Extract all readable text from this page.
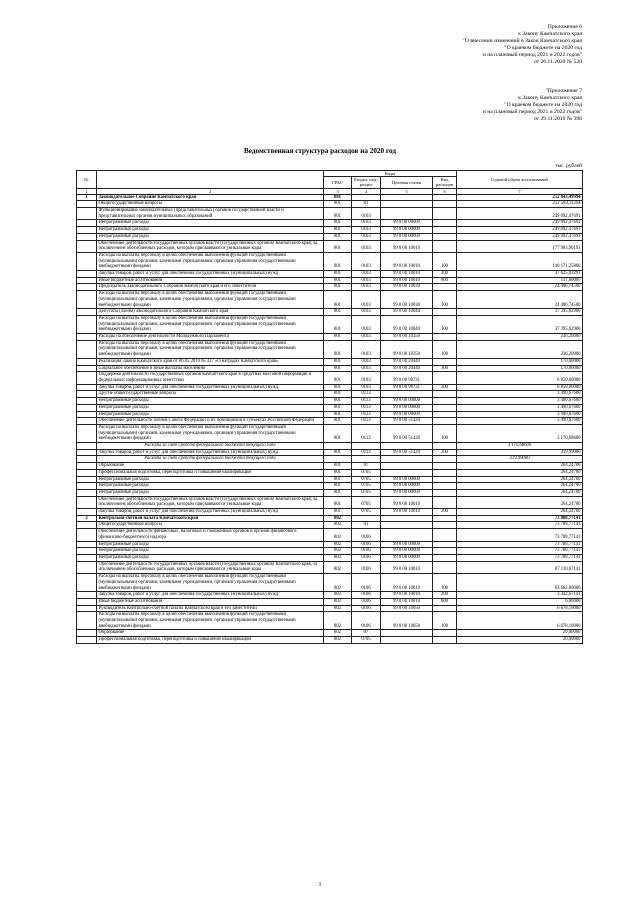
Приложение 6
к Закону Камчатского края
"О внесении изменений в Закон Камчатского края
"О краевом бюджете на 2020 год
и на плановый период 2021 и 2022 годов"
от 26.11.2020 № 520
"Приложение 7
к Закону Камчатского края
"О краевом бюджете на 2020 год
и на плановый период 2021 и 2022 годов"
от 29.11.2019 № 396
Ведомственная структура расходов на 2020 год
тыс. рублей
№		Коды				Годовой объем ассигнований
		ГРБС	Раздел, под-раздел	Целевая статья	Вид расходов	
1	2	3	4	5	6	7
1	Законодательное Собрание Камчатского края	801				252 843,49994
	Общегосударственные вопросы	801	01			252 583,11294
	Функционирование законодательных (представительных) органов государственной власти и представительных органов муниципальных образований	801	0103			249 092,47691
	Непрограммные расходы	801	0103	99 0 00 00000		249 092,47691
	Непрограммные расходы	801	0103	99 0 00 00000		249 092,47691
	Непрограммные расходы	801	0103	99 0 00 00000		249 092,47691
	Обеспечение деятельности государственных органов власти (государственных органов) Камчатского края, за исключением обособленных расходов, которым присваиваются уникальные коды	801	0103	99 0 00 10010		177 983,90191
	Расходы на выплаты персоналу в целях обеспечения выполнения функций государственными (муниципальными) органами, казенными учреждениями, органами управления государственными внебюджетными фондами	801	0103	99 0 00 10010	100	140 171,25800
	Закупка товаров, работ и услуг для обеспечения государственных (муниципальных) нужд	801	0103	99 0 00 10010	200	37 625,03291
	Иные бюджетные ассигнования	801	0103	99 0 00 10010	800	117,60000
	Председатель Законодательного Собрания Камчатского края и его заместители	801	0103	99 0 00 10030		24 486,74500
	Расходы на выплаты персоналу в целях обеспечения выполнения функций государственными (муниципальными) органами, казенными учреждениями, органами управления государственными внебюджетными фондами	801	0103	99 0 00 10030	100	24 486,74500
	Депутаты (члены) Законодательного Собрания Камчатского края	801	0103	99 0 00 10040		37 395,62900
	Расходы на выплаты персоналу в целях обеспечения выполнения функций государственными (муниципальными) органами, казенными учреждениями, органами управления государственными внебюджетными фондами	801	0103	99 0 00 10040	100	37 395,62900
	Расходы на обеспечение деятельности Молодежного Парламента	801	0103	99 0 00 10350		236,20000
	Расходы на выплаты персоналу в целях обеспечения выполнения функций государственными (муниципальными) органами, казенными учреждениями, органами управления государственными внебюджетными фондами	801	0103	99 0 00 10350	100	236,20000
	Реализация Закона Камчатского края от 06.05.2019 № 327 «О наградах Камчатского края»	801	0103	99 0 00 20440		170,00000
	Социальное обеспечение и иные выплаты населению	801	0103	99 0 00 20440	300	170,00000
	Поддержка деятельности государственных органов Камчатского края в средствах массовой информации и федеральных информационных агентствах	801	0103	99 0 00 98731		6 850,00000
	Закупка товаров, работ и услуг для обеспечения государственных (муниципальных) нужд	801	0103	99 0 00 98731	200	6 850,00000
	Другие общегосударственные вопросы	801	0113			3 490,67600
	Непрограммные расходы	801	0113	99 0 00 00000		3 490,67600
	Непрограммные расходы	801	0113	99 0 00 00000		3 490,67600
	Непрограммные расходы	801	0113	99 0 00 00000		3 490,67600
	Обеспечение деятельности членов Совета Федерации и их помощников в субъектах Российской Федерации	801	0113	99 0 00 51420		3 490,67600
	Расходы на выплаты персоналу в целях обеспечения выполнения функций государственными (муниципальными) органами, казенными учреждениями, органами управления государственными внебюджетными фондами	801	0113	99 0 00 51420	100	3 170,68600
	Расходы за счет средств федерального бюджета текущего года					3 170,68600
	Закупка товаров, работ и услуг для обеспечения государственных (муниципальных) нужд	801	0113	99 0 00 51420	200	319,99000
	Расходы за счет средств федерального бюджета текущего года					319,99000
	Образование	801	07			264,24700
	Профессиональная подготовка, переподготовка и повышение квалификации	801	0705			264,24700
	Непрограммные расходы	801	0705	99 0 00 00000		264,24700
	Непрограммные расходы	801	0705	99 0 00 00000		264,24700
	Непрограммные расходы	801	0705	99 0 00 00000		264,24700
	Обеспечение деятельности государственных органов власти (государственных органов) Камчатского края, за исключением обособленных расходов, которым присваиваются уникальные коды	801	0705	99 0 00 10010		264,24700
	Закупка товаров, работ и услуг для обеспечения государственных (муниципальных) нужд	801	0705	99 0 00 10010	200	264,24700
2	Контрольно-счетная палата Камчатского края	802				73 808,77141
	Общегосударственные вопросы	802	01			73 788,77141
	Обеспечение деятельности финансовых, налоговых и таможенных органов и органов финансового (финансово-бюджетного) надзора	802	0106			73 788,77141
	Непрограммные расходы	802	0106	99 0 00 00000		73 788,77141
	Непрограммные расходы	802	0106	99 0 00 00000		73 788,77141
	Непрограммные расходы	802	0106	99 0 00 00000		73 788,77141
	Обеспечение деятельности государственных органов власти (государственных органов) Камчатского края, за исключением обособленных расходов, которым присваиваются уникальные коды	802	0106	99 0 00 10010		67 110,67141
	Расходы на выплаты персоналу в целях обеспечения выполнения функций государственными (муниципальными) органами, казенными учреждениями, органами управления государственными внебюджетными фондами	802	0106	99 0 00 10010	100	63 662,00000
	Закупка товаров, работ и услуг для обеспечения государственных (муниципальных) нужд	802	0106	99 0 00 10010	200	3 442,67141
	Иные бюджетные ассигнования	802	0106	99 0 00 10010	800	6,00000
	Руководитель Контрольно-счетной палаты Камчатского края и его заместители	802	0106	99 0 00 10050		6 678,10000
	Расходы на выплаты персоналу в целях обеспечения выполнения функций государственными (муниципальными) органами, казенными учреждениями, органами управления государственными внебюджетными фондами	802	0106	99 0 00 10050	100	6 678,10000
	Образование	802	07			20,00000
	Профессиональная подготовка, переподготовка и повышение квалификации	802	0705			20,00000
1
